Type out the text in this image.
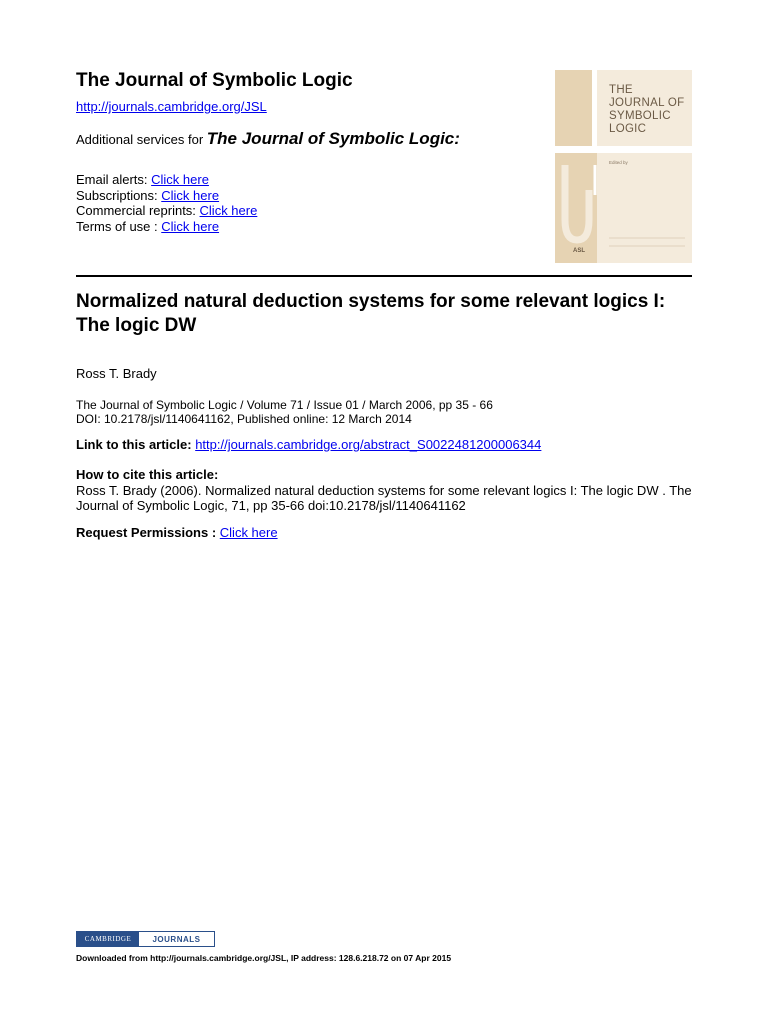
The Journal of Symbolic Logic
http://journals.cambridge.org/JSL
Additional services for The Journal of Symbolic Logic:
Email alerts: Click here
Subscriptions: Click here
Commercial reprints: Click here
Terms of use : Click here
THE
JOURNAL OF
SYMBOLIC
LOGIC
Edited by
ASL
Normalized natural deduction systems for some relevant logics I: The logic DW
Ross T. Brady
The Journal of Symbolic Logic / Volume 71 / Issue 01 / March 2006, pp 35 - 66
DOI: 10.2178/jsl/1140641162, Published online: 12 March 2014
Link to this article: http://journals.cambridge.org/abstract_S0022481200006344
How to cite this article:
Ross T. Brady (2006). Normalized natural deduction systems for some relevant logics I: The logic DW . The Journal of Symbolic Logic, 71, pp 35-66 doi:10.2178/jsl/1140641162
Request Permissions : Click here
CAMBRIDGE	JOURNALS
Downloaded from http://journals.cambridge.org/JSL, IP address: 128.6.218.72 on 07 Apr 2015
